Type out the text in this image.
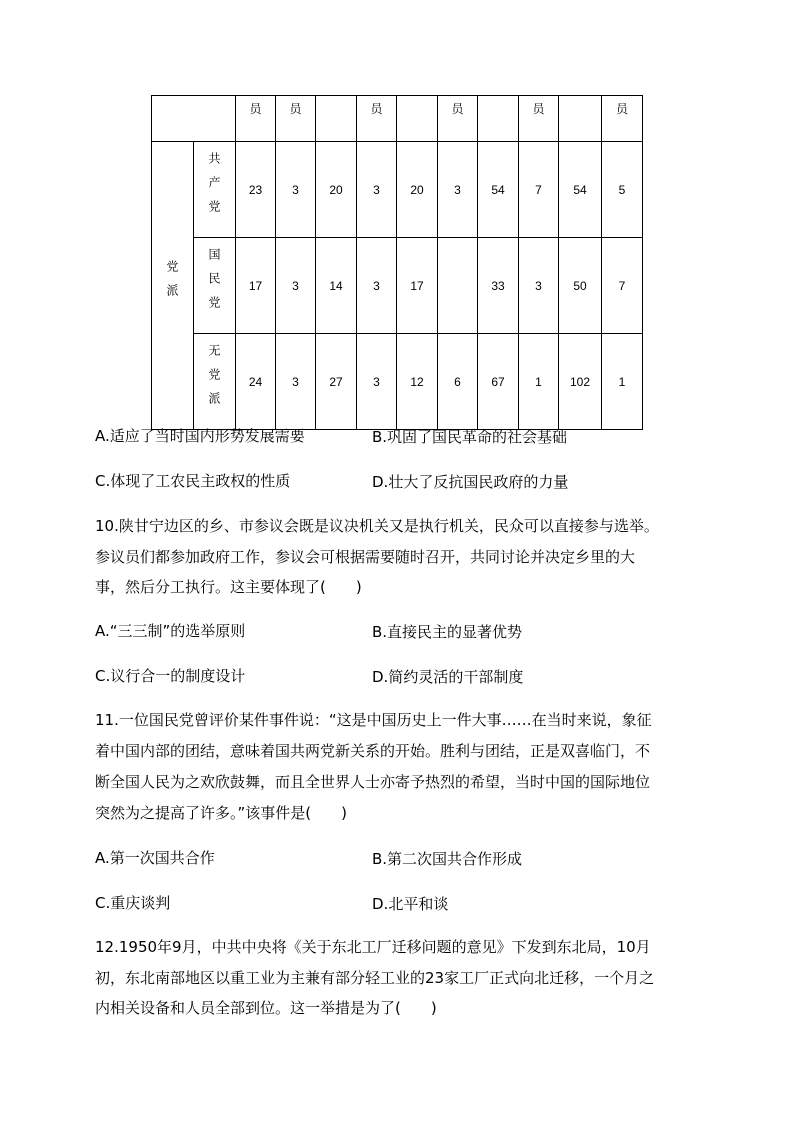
		员	员		员		员		员		员
党派	共产党	23	3	20	3	20	3	54	7	54	5
	国民党	17	3	14	3	17		33	3	50	7
	无党派	24	3	27	3	12	6	67	1	102	1
A.适应了当时国内形势发展需要	B.巩固了国民革命的社会基础
C.体现了工农民主政权的性质	D.壮大了反抗国民政府的力量
10.陕甘宁边区的乡、市参议会既是议决机关又是执行机关，民众可以直接参与选举。
参议员们都参加政府工作，参议会可根据需要随时召开，共同讨论并决定乡里的大
事，然后分工执行。这主要体现了(　　)
A.“三三制”的选举原则	B.直接民主的显著优势
C.议行合一的制度设计	D.简约灵活的干部制度
11.一位国民党曾评价某件事件说：“这是中国历史上一件大事……在当时来说，象征
着中国内部的团结，意味着国共两党新关系的开始。胜利与团结，正是双喜临门，不
断全国人民为之欢欣鼓舞，而且全世界人士亦寄予热烈的希望，当时中国的国际地位
突然为之提高了许多。”该事件是(　　)
A.第一次国共合作	B.第二次国共合作形成
C.重庆谈判	D.北平和谈
12.1950年9月，中共中央将《关于东北工厂迁移问题的意见》下发到东北局，10月
初，东北南部地区以重工业为主兼有部分轻工业的23家工厂正式向北迁移，一个月之
内相关设备和人员全部到位。这一举措是为了(　　)
